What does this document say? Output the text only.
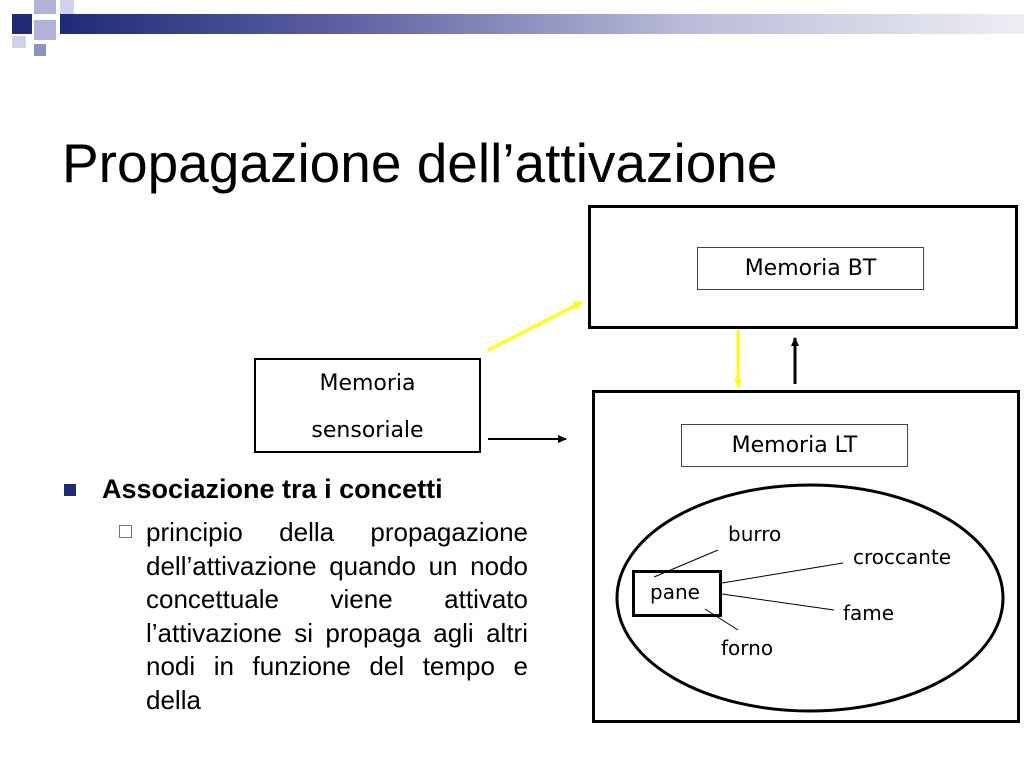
Propagazione dell’attivazione
Memoria BT
Memoria
sensoriale
Memoria LT
pane
burro
croccante
fame
forno
Associazione tra i concetti
principio della propagazione dell’attivazione quando un nodo concettuale viene attivato l’attivazione si propaga agli altri nodi in funzione del tempo e della
